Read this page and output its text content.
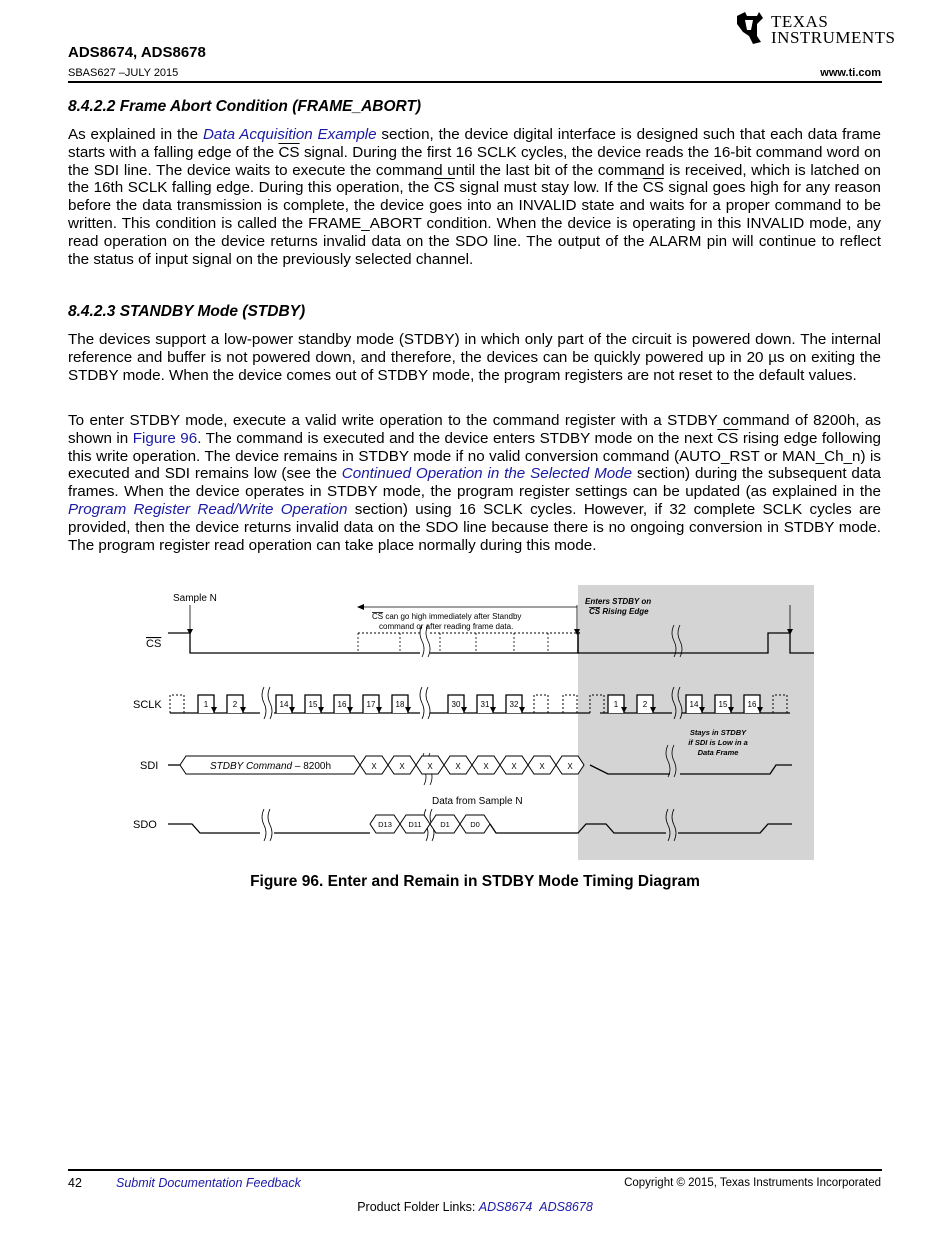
TEXAS
INSTRUMENTS
ADS8674, ADS8678
SBAS627 –JULY 2015	www.ti.com
8.4.2.2 Frame Abort Condition (FRAME_ABORT)

As explained in the Data Acquisition Example section, the device digital interface is designed such that each data frame starts with a falling edge of the $\overline{CS}$ signal. During the first 16 SCLK cycles, the device reads the 16-bit command word on the SDI line. The device waits to execute the command until the last bit of the command is received, which is latched on the 16th SCLK falling edge. During this operation, the $\overline{CS}$ signal must stay low. If the $\overline{CS}$ signal goes high for any reason before the data transmission is complete, the device goes into an INVALID state and waits for a proper command to be written. This condition is called the FRAME_ABORT condition. When the device is operating in this INVALID mode, any read operation on the device returns invalid data on the SDO line. The output of the ALARM pin will continue to reflect the status of input signal on the previously selected channel.

8.4.2.3 STANDBY Mode (STDBY)

The devices support a low-power standby mode (STDBY) in which only part of the circuit is powered down. The internal reference and buffer is not powered down, and therefore, the devices can be quickly powered up in 20 µs on exiting the STDBY mode. When the device comes out of STDBY mode, the program registers are not reset to the default values.

To enter STDBY mode, execute a valid write operation to the command register with a STDBY command of 8200h, as shown in Figure 96. The command is executed and the device enters STDBY mode on the next $\overline{CS}$ rising edge following this write operation. The device remains in STDBY mode if no valid conversion command (AUTO_RST or MAN_Ch_n) is executed and SDI remains low (see the Continued Operation in the Selected Mode section) during the subsequent data frames. When the device operates in STDBY mode, the program register settings can be updated (as explained in the Program Register Read/Write Operation section) using 16 SCLK cycles. However, if 32 complete SCLK cycles are provided, then the device returns invalid data on the SDO line because there is no ongoing conversion in STDBY mode. The program register read operation can take place normally during this mode.

Sample N
CS can go high immediately after Standby
command or after reading frame data.
Enters STDBY on
CS Rising Edge
CS
SCLK	1	2	14	15	16	17	18	30	31	32	1	2	14	15	16
SDI	STDBY Command – 8200h	X	X	X	X	X	X	X	X
Stays in STDBY
if SDI is Low in a
Data Frame
SDO
Data from Sample N
D13 D11 D1	D0
Figure 96. Enter and Remain in STDBY Mode Timing Diagram
42	Submit Documentation Feedback	Copyright © 2015, Texas Instruments Incorporated
Product Folder Links: ADS8674 ADS8678
